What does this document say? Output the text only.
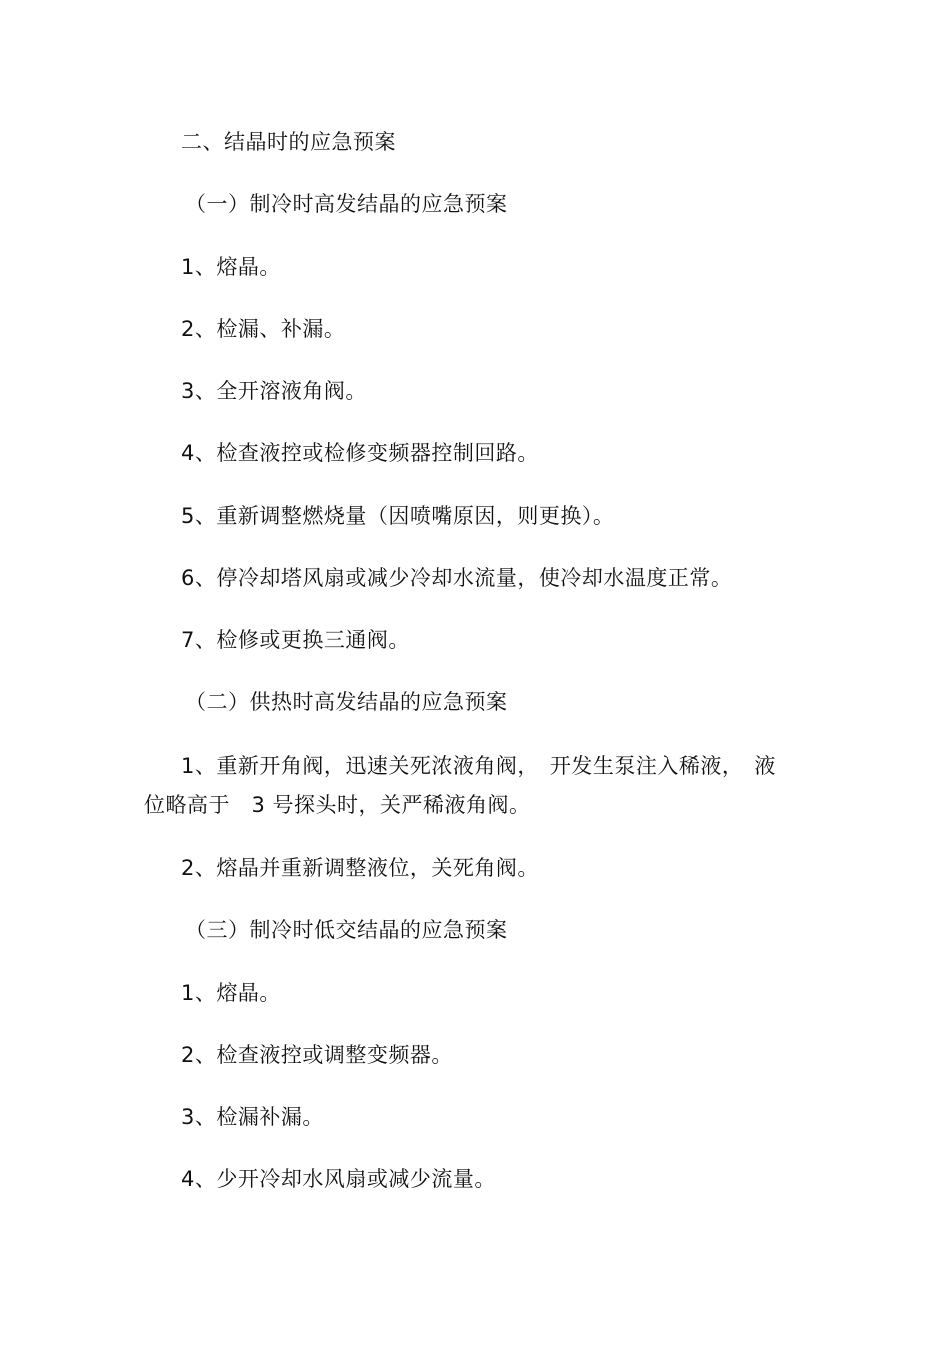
二、结晶时的应急预案
（一）制冷时高发结晶的应急预案
1、熔晶。
2、检漏、补漏。
3、全开溶液角阀。
4、检查液控或检修变频器控制回路。
5、重新调整燃烧量（因喷嘴原因，则更换）。
6、停冷却塔风扇或减少冷却水流量，使冷却水温度正常。
7、检修或更换三通阀。
（二）供热时高发结晶的应急预案
1、重新开角阀，迅速关死浓液角阀，　开发生泵注入稀液，　液
位略高于　3 号探头时，关严稀液角阀。
2、熔晶并重新调整液位，关死角阀。
（三）制冷时低交结晶的应急预案
1、熔晶。
2、检查液控或调整变频器。
3、检漏补漏。
4、少开冷却水风扇或减少流量。
